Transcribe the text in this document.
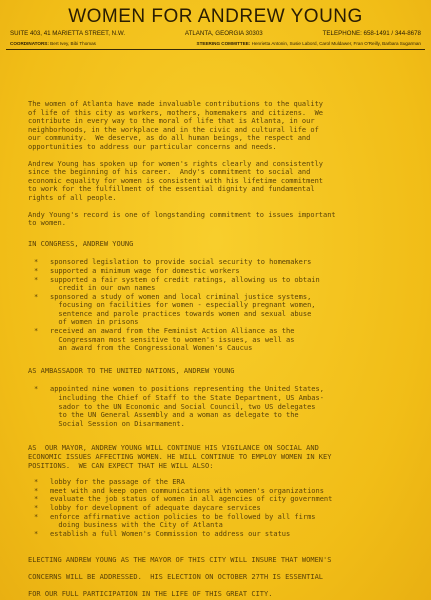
WOMEN FOR ANDREW YOUNG
SUITE 403, 41 MARIETTA STREET, N.W.	ATLANTA, GEORGIA 30303	TELEPHONE: 658-1491 / 344-8678
COORDINATORS: Bert Ivey, Bibi Thomas	STEERING COMMITTEE: Henrietta Antonin, Susie Labord, Carol Muldawer, Fran O'Reilly, Barbara Sugarman
The women of Atlanta have made invaluable contributions to the quality
of life of this city as workers, mothers, homemakers and citizens.  We
contribute in every way to the moral of life that is Atlanta, in our
neighborhoods, in the workplace and in the civic and cultural life of
our community.  We deserve, as do all human beings, the respect and
opportunities to address our particular concerns and needs.
Andrew Young has spoken up for women's rights clearly and consistently
since the beginning of his career.  Andy's commitment to social and
economic equality for women is consistent with his lifetime commitment
to work for the fulfillment of the essential dignity and fundamental
rights of all people.
Andy Young's record is one of longstanding commitment to issues important
to women.
IN CONGRESS, ANDREW YOUNG
* sponsored legislation to provide social security to homemakers
* supported a minimum wage for domestic workers
* supported a fair system of credit ratings, allowing us to obtain
credit in our own names
* sponsored a study of women and local criminal justice systems,
focusing on facilities for women - especially pregnant women,
sentence and parole practices towards women and sexual abuse
of women in prisons
* received an award from the Feminist Action Alliance as the
Congressman most sensitive to women's issues, as well as
an award from the Congressional Women's Caucus
AS AMBASSADOR TO THE UNITED NATIONS, ANDREW YOUNG
* appointed nine women to positions representing the United States,
including the Chief of Staff to the State Department, US Ambas-
sador to the UN Economic and Social Council, two US delegates
to the UN General Assembly and a woman as delegate to the
Social Session on Disarmament.
AS  OUR MAYOR, ANDREW YOUNG WILL CONTINUE HIS VIGILANCE ON SOCIAL AND
ECONOMIC ISSUES AFFECTING WOMEN. HE WILL CONTINUE TO EMPLOY WOMEN IN KEY
POSITIONS.  WE CAN EXPECT THAT HE WILL ALSO:
* lobby for the passage of the ERA
* meet with and keep open communications with women's organizations
* evaluate the job status of women in all agencies of city government
* lobby for development of adequate daycare services
* enforce affirmative action policies to be followed by all firms
doing business with the City of Atlanta
* establish a full Women's Commission to address our status
ELECTING ANDREW YOUNG AS THE MAYOR OF THIS CITY WILL INSURE THAT WOMEN'S
CONCERNS WILL BE ADDRESSED.  HIS ELECTION ON OCTOBER 27TH IS ESSENTIAL
FOR OUR FULL PARTICIPATION IN THE LIFE OF THIS GREAT CITY.
